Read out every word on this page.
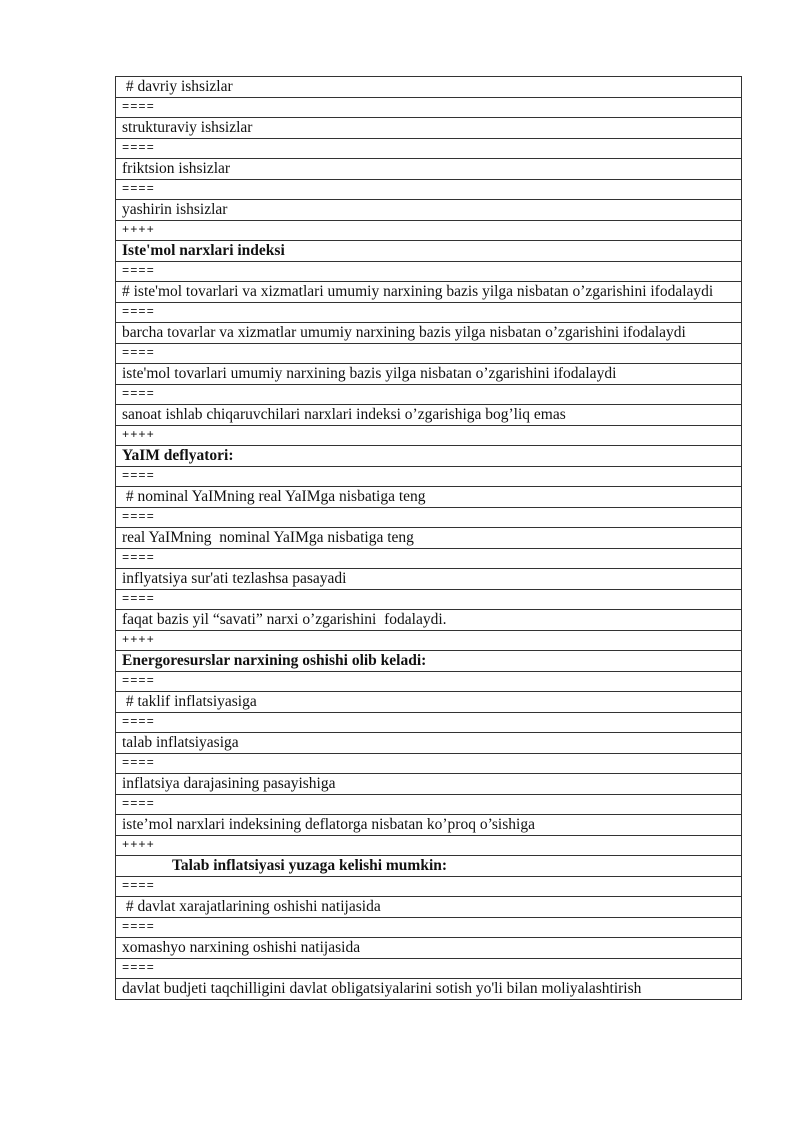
# davriy ishsizlar
====
strukturaviy ishsizlar
====
friktsion ishsizlar
====
yashirin ishsizlar
++++
Iste'mol narxlari indeksi
====
# iste'mol tovarlari va xizmatlari umumiy narxining bazis yilga nisbatan o’zgarishini ifodalaydi
====
barcha tovarlar va xizmatlar umumiy narxining bazis yilga nisbatan o’zgarishini ifodalaydi
====
iste'mol tovarlari umumiy narxining bazis yilga nisbatan o’zgarishini ifodalaydi
====
sanoat ishlab chiqaruvchilari narxlari indeksi o’zgarishiga bog’liq emas
++++
YaIM deflyatori:
====
# nominal YaIMning real YaIMga nisbatiga teng
====
real YaIMning  nominal YaIMga nisbatiga teng
====
inflyatsiya sur'ati tezlashsa pasayadi
====
faqat bazis yil “savati” narxi o’zgarishini  fodalaydi.
++++
Energoresurslar narxining oshishi olib keladi:
====
# taklif inflatsiyasiga
====
talab inflatsiyasiga
====
inflatsiya darajasining pasayishiga
====
iste’mol narxlari indeksining deflatorga nisbatan ko’proq o’sishiga
++++
Talab inflatsiyasi yuzaga kelishi mumkin:
====
# davlat xarajatlarining oshishi natijasida
====
xomashyo narxining oshishi natijasida
====
davlat budjeti taqchilligini davlat obligatsiyalarini sotish yo'li bilan moliyalashtirish
